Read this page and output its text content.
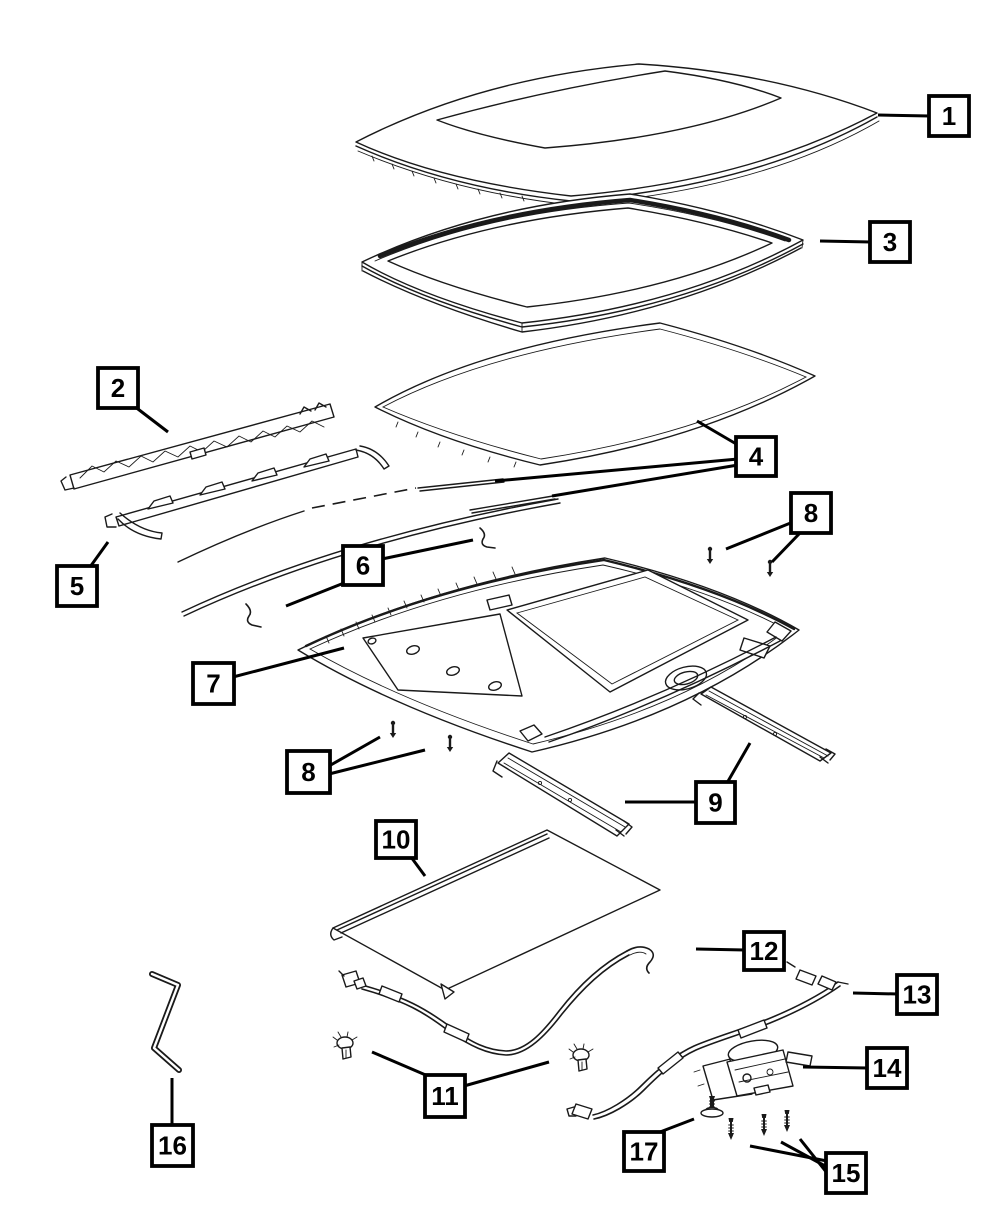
1
3
2
4
5
6
7
8
8
9
10
11
12
13
14
15
16	17
